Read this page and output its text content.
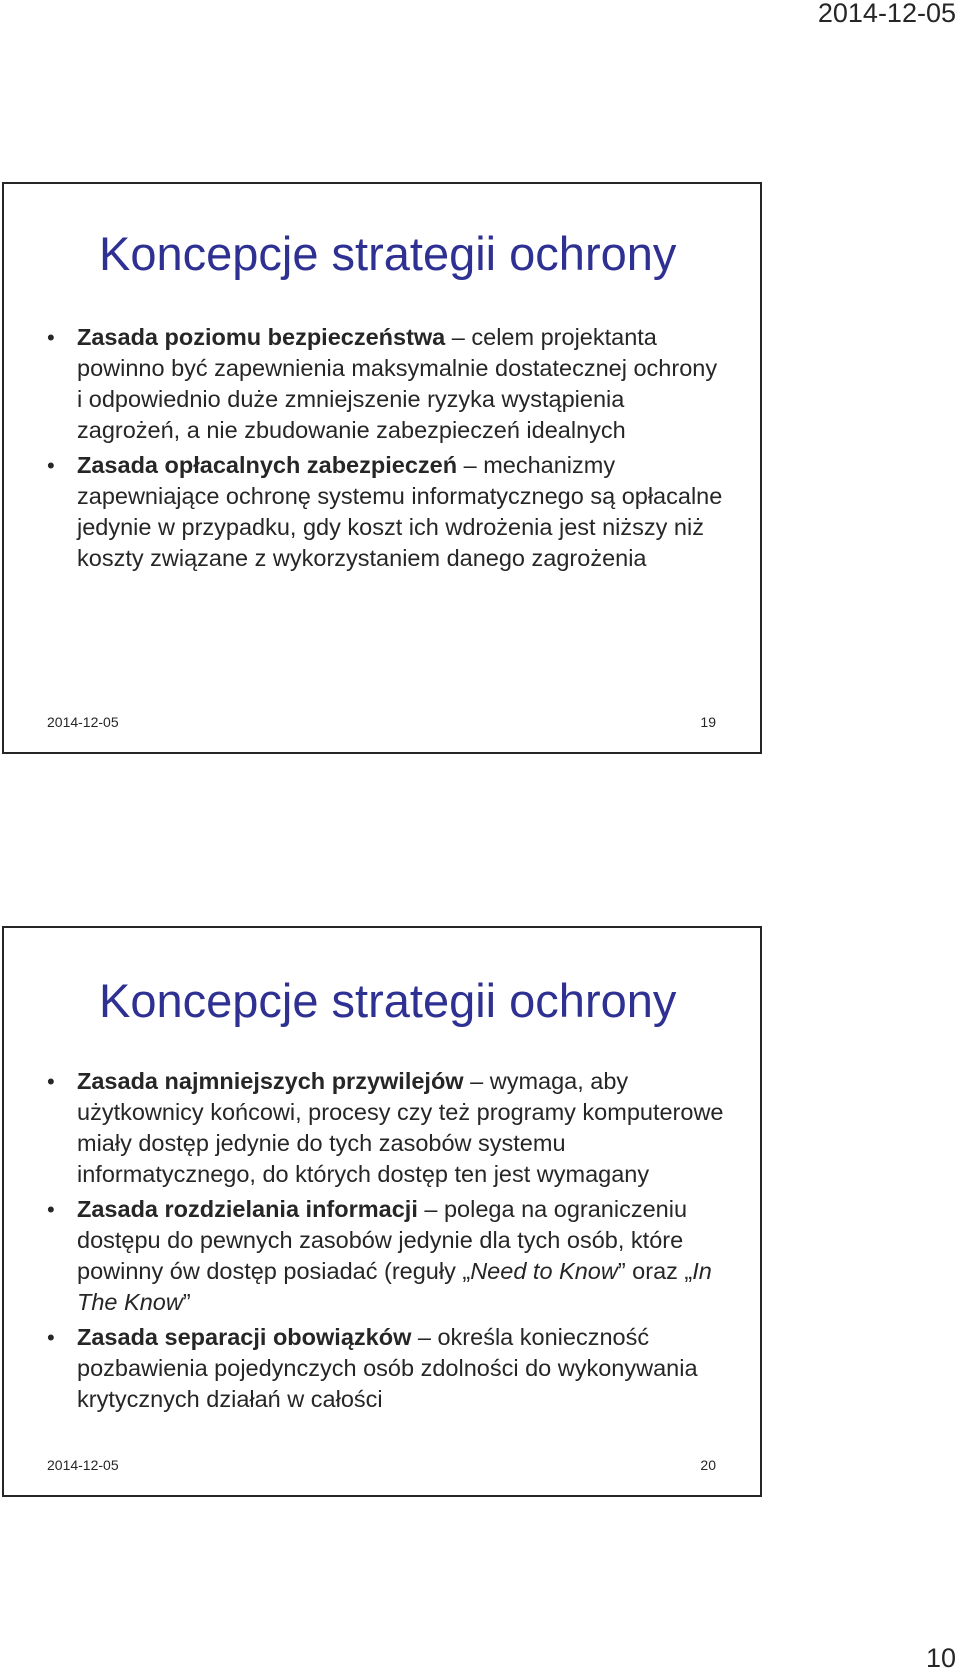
2014-12-05
Koncepcje strategii ochrony
• Zasada poziomu bezpieczeństwa – celem projektanta powinno być zapewnienia maksymalnie dostatecznej ochrony i odpowiednio duże zmniejszenie ryzyka wystąpienia zagrożeń, a nie zbudowanie zabezpieczeń idealnych
• Zasada opłacalnych zabezpieczeń – mechanizmy zapewniające ochronę systemu informatycznego są opłacalne jedynie w przypadku, gdy koszt ich wdrożenia jest niższy niż koszty związane z wykorzystaniem danego zagrożenia
2014-12-05	19
Koncepcje strategii ochrony
• Zasada najmniejszych przywilejów – wymaga, aby użytkownicy końcowi, procesy czy też programy komputerowe miały dostęp jedynie do tych zasobów systemu informatycznego, do których dostęp ten jest wymagany
• Zasada rozdzielania informacji – polega na ograniczeniu dostępu do pewnych zasobów jedynie dla tych osób, które powinny ów dostęp posiadać (reguły „Need to Know” oraz „In The Know”
• Zasada separacji obowiązków – określa konieczność pozbawienia pojedynczych osób zdolności do wykonywania krytycznych działań w całości
2014-12-05	20
10
